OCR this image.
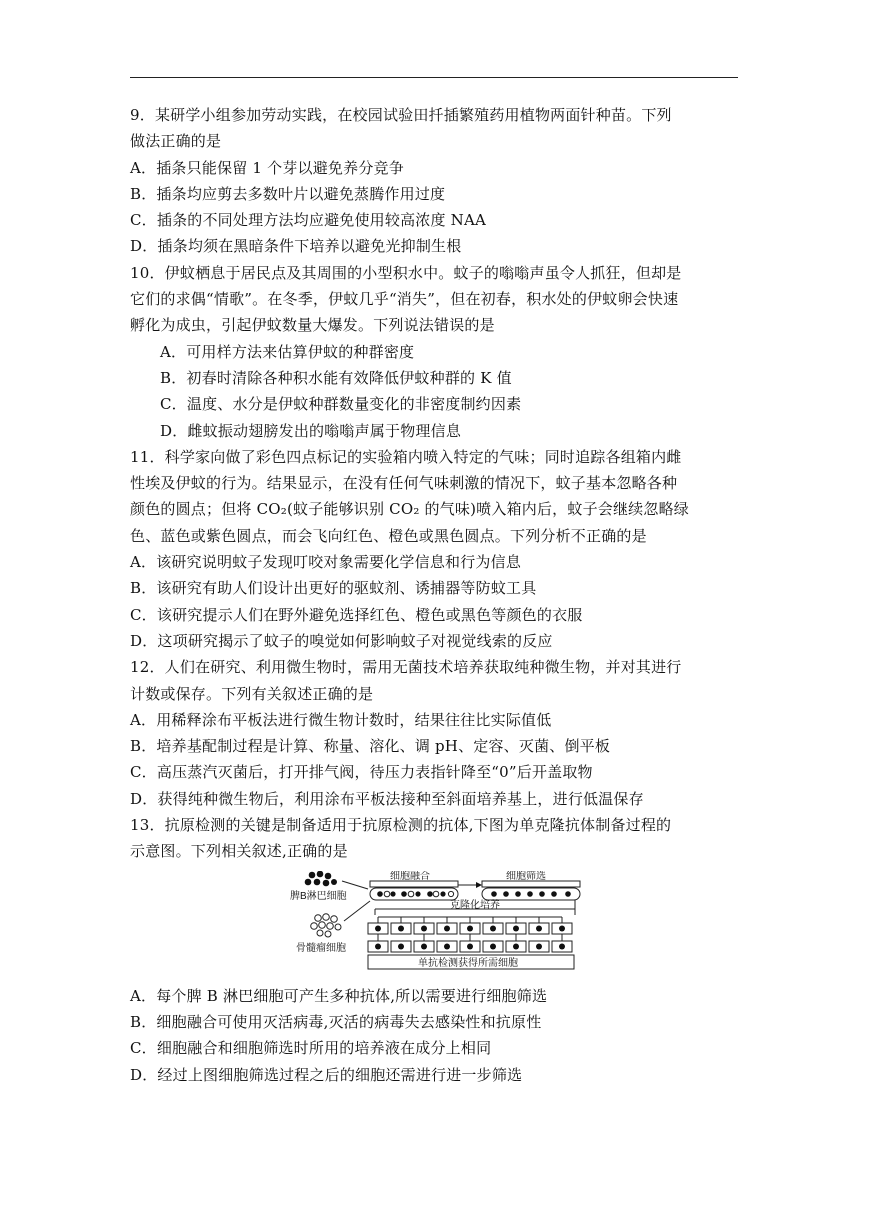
9．某研学小组参加劳动实践，在校园试验田扦插繁殖药用植物两面针种苗。下列
做法正确的是
A．插条只能保留 1 个芽以避免养分竞争
B．插条均应剪去多数叶片以避免蒸腾作用过度
C．插条的不同处理方法均应避免使用较高浓度 NAA
D．插条均须在黑暗条件下培养以避免光抑制生根
10．伊蚊栖息于居民点及其周围的小型积水中。蚊子的嗡嗡声虽令人抓狂，但却是
它们的求偶“情歌”。在冬季，伊蚊几乎“消失”，但在初春，积水处的伊蚊卵会快速
孵化为成虫，引起伊蚊数量大爆发。下列说法错误的是
A．可用样方法来估算伊蚊的种群密度
B．初春时清除各种积水能有效降低伊蚊种群的 K 值
C．温度、水分是伊蚊种群数量变化的非密度制约因素
D．雌蚊振动翅膀发出的嗡嗡声属于物理信息
11．科学家向做了彩色四点标记的实验箱内喷入特定的气味；同时追踪各组箱内雌
性埃及伊蚊的行为。结果显示，在没有任何气味刺激的情况下，蚊子基本忽略各种
颜色的圆点；但将 CO₂(蚊子能够识别 CO₂ 的气味)喷入箱内后，蚊子会继续忽略绿
色、蓝色或紫色圆点，而会飞向红色、橙色或黑色圆点。下列分析不正确的是
A．该研究说明蚊子发现叮咬对象需要化学信息和行为信息
B．该研究有助人们设计出更好的驱蚊剂、诱捕器等防蚊工具
C．该研究提示人们在野外避免选择红色、橙色或黑色等颜色的衣服
D．这项研究揭示了蚊子的嗅觉如何影响蚊子对视觉线索的反应
12．人们在研究、利用微生物时，需用无菌技术培养获取纯种微生物，并对其进行
计数或保存。下列有关叙述正确的是
A．用稀释涂布平板法进行微生物计数时，结果往往比实际值低
B．培养基配制过程是计算、称量、溶化、调 pH、定容、灭菌、倒平板
C．高压蒸汽灭菌后，打开排气阀，待压力表指针降至“0”后开盖取物
D．获得纯种微生物后，利用涂布平板法接种至斜面培养基上，进行低温保存
13．抗原检测的关键是制备适用于抗原检测的抗体,下图为单克隆抗体制备过程的
示意图。下列相关叙述,正确的是
脾B淋巴细胞
骨髓瘤细胞
细胞融合	细胞筛选
克隆化培养
单抗检测获得所需细胞
A．每个脾 B 淋巴细胞可产生多种抗体,所以需要进行细胞筛选
B．细胞融合可使用灭活病毒,灭活的病毒失去感染性和抗原性
C．细胞融合和细胞筛选时所用的培养液在成分上相同
D．经过上图细胞筛选过程之后的细胞还需进行进一步筛选
